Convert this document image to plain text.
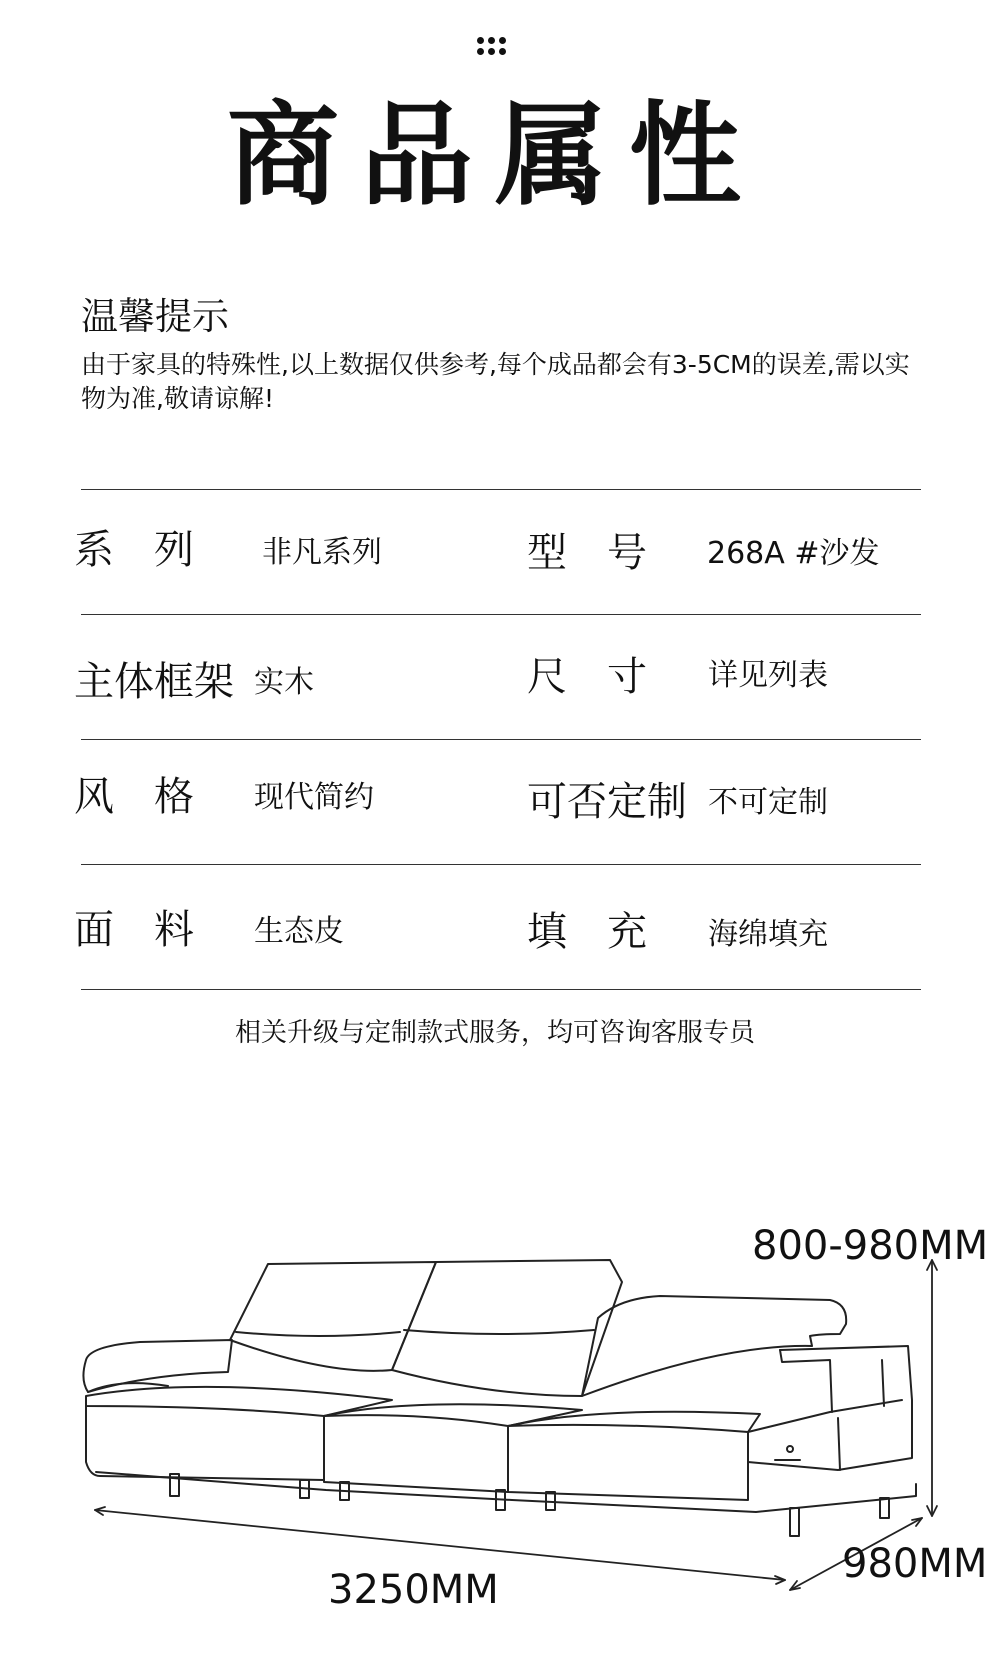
商品属性
温馨提示
由于家具的特殊性,以上数据仅供参考,每个成品都会有3-5CM的误差,需以实物为准,敬请谅解!
系　列 非凡系列	型　号 268A #沙发
主体框架 实木	尺　寸 详见列表
风　格 现代简约	可否定制 不可定制
面　料 生态皮	填　充 海绵填充
相关升级与定制款式服务，均可咨询客服专员
800-980MM
3250MM
980MM
